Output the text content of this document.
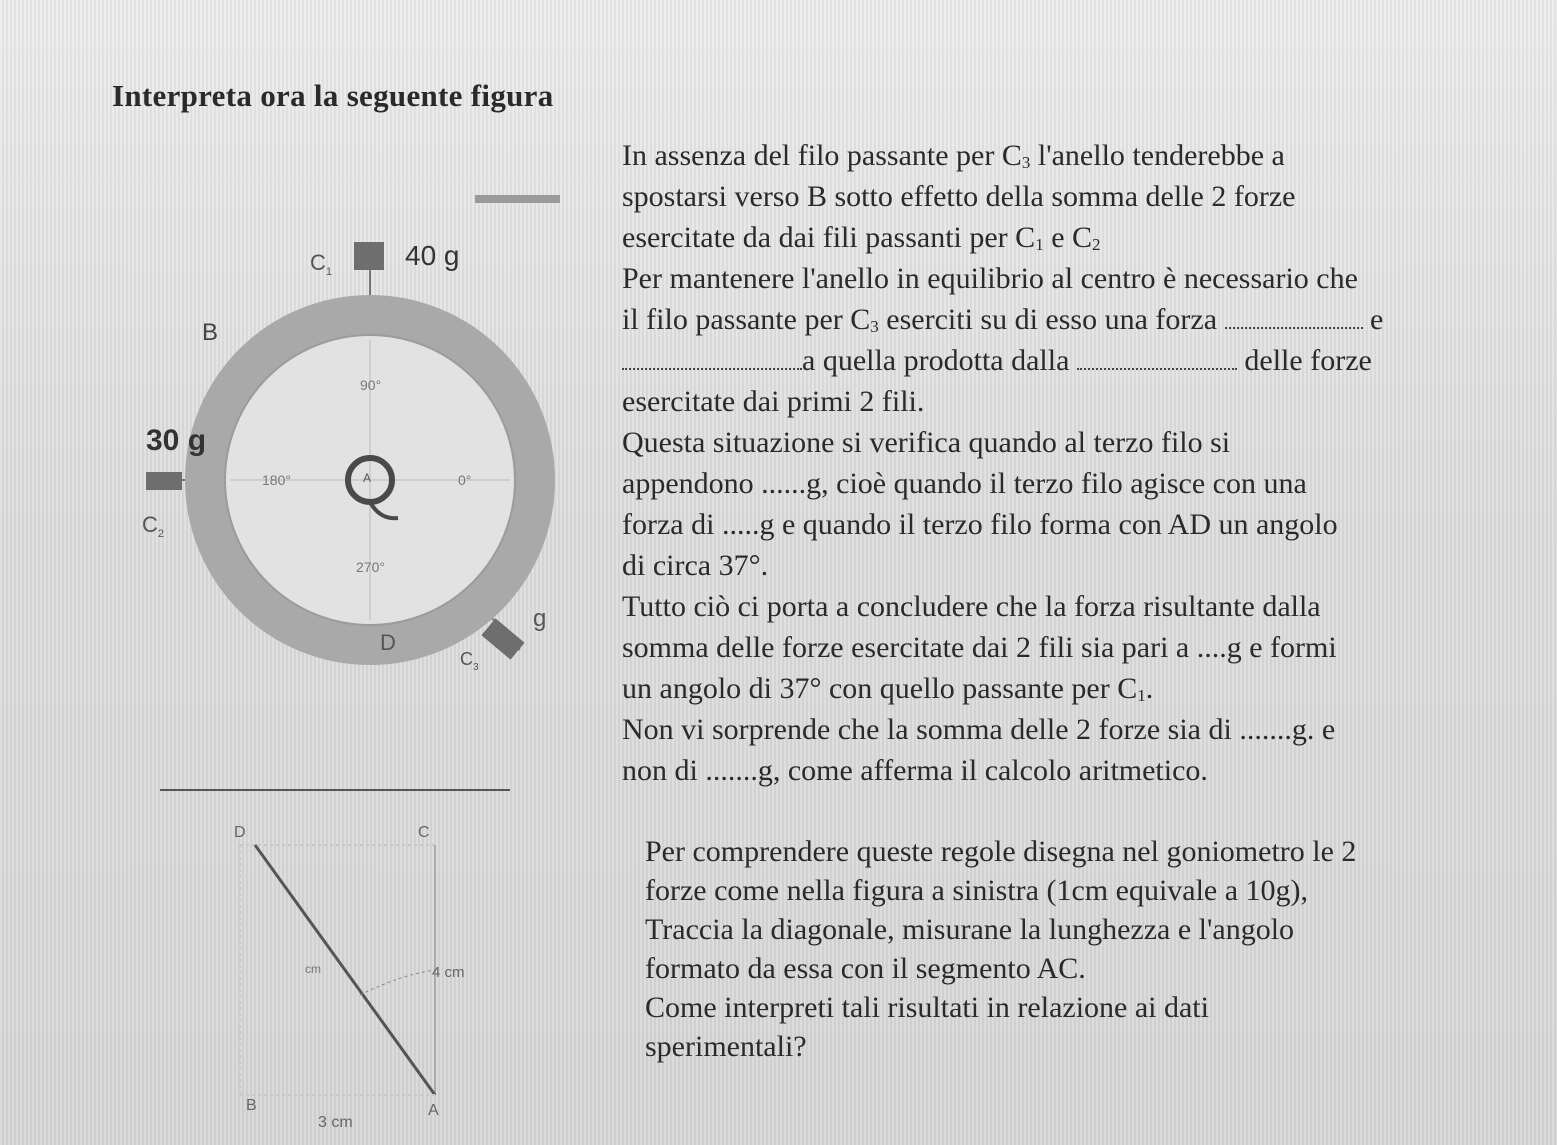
Interpreta ora la seguente figura
$C_1$
40 g
B
30 g
$C_2$
90°
180°	0°
270°
A
g
D
$C_3$
D	C
cm	4 cm
B
3 cm
A
In assenza del filo passante per C3 l'anello tenderebbe a
spostarsi verso B sotto effetto della somma delle 2 forze
esercitate da dai fili passanti per C1 e C2
Per mantenere l'anello in equilibrio al centro è necessario che
il filo passante per C3 eserciti su di esso una forza	e
a quella prodotta dalla	delle forze
esercitate dai primi 2 fili.
Questa situazione si verifica quando al terzo filo si
appendono ......g, cioè quando il terzo filo agisce con una
forza di .....g e quando il terzo filo forma con AD un angolo
di circa 37°.
Tutto ciò ci porta a concludere che la forza risultante dalla
somma delle forze esercitate dai 2 fili sia pari a ....g e formi
un angolo di 37° con quello passante per C1.
Non vi sorprende che la somma delle 2 forze sia di .......g. e
non di .......g, come afferma il calcolo aritmetico.
Per comprendere queste regole disegna nel goniometro le 2
forze come nella figura a sinistra (1cm equivale a 10g),
Traccia la diagonale, misurane la lunghezza e l'angolo
formato da essa con il segmento AC.
Come interpreti tali risultati in relazione ai dati
sperimentali?
